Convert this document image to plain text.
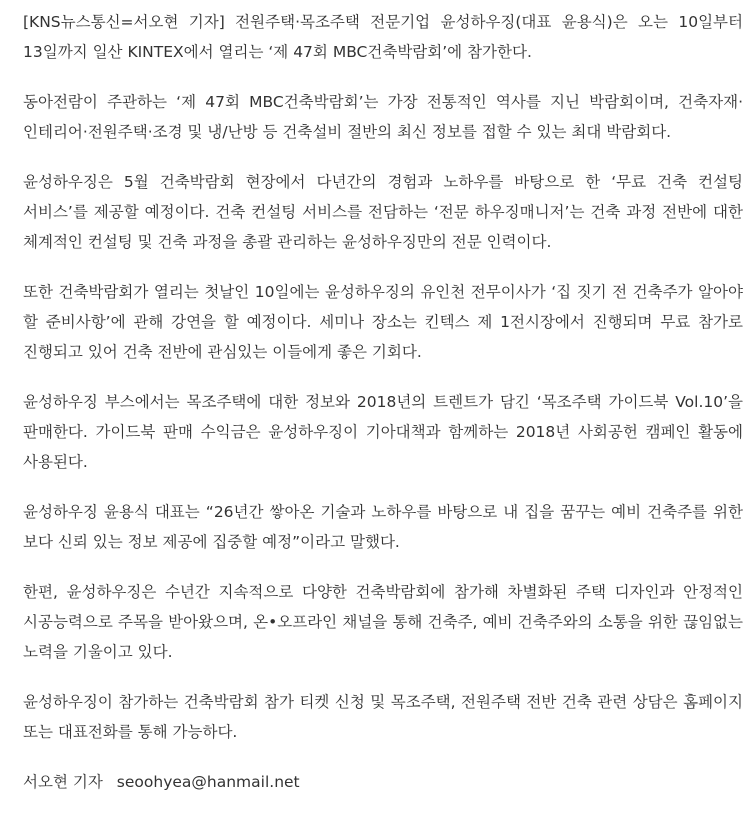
[KNS뉴스통신=서오현 기자] 전원주택·목조주택 전문기업 윤성하우징(대표 윤용식)은 오는 10일부터 13일까지 일산 KINTEX에서 열리는 ‘제 47회 MBC건축박람회’에 참가한다.

동아전람이 주관하는 ‘제 47회 MBC건축박람회’는 가장 전통적인 역사를 지닌 박람회이며, 건축자재·인테리어·전원주택·조경 및 냉/난방 등 건축설비 절반의 최신 정보를 접할 수 있는 최대 박람회다.

윤성하우징은 5월 건축박람회 현장에서 다년간의 경험과 노하우를 바탕으로 한 ‘무료 건축 컨설팅 서비스’를 제공할 예정이다. 건축 컨설팅 서비스를 전담하는 ‘전문 하우징매니저’는 건축 과정 전반에 대한 체계적인 컨설팅 및 건축 과정을 총괄 관리하는 윤성하우징만의 전문 인력이다.

또한 건축박람회가 열리는 첫날인 10일에는 윤성하우징의 유인천 전무이사가 ‘집 짓기 전 건축주가 알아야 할 준비사항’에 관해 강연을 할 예정이다. 세미나 장소는 킨텍스 제 1전시장에서 진행되며 무료 참가로 진행되고 있어 건축 전반에 관심있는 이들에게 좋은 기회다.

윤성하우징 부스에서는 목조주택에 대한 정보와 2018년의 트렌트가 담긴 ‘목조주택 가이드북 Vol.10’을 판매한다. 가이드북 판매 수익금은 윤성하우징이 기아대책과 함께하는 2018년 사회공헌 캠페인 활동에 사용된다.

윤성하우징 윤용식 대표는 “26년간 쌓아온 기술과 노하우를 바탕으로 내 집을 꿈꾸는 예비 건축주를 위한 보다 신뢰 있는 정보 제공에 집중할 예정”이라고 말했다.

한편, 윤성하우징은 수년간 지속적으로 다양한 건축박람회에 참가해 차별화된 주택 디자인과 안정적인 시공능력으로 주목을 받아왔으며, 온•오프라인 채널을 통해 건축주, 예비 건축주와의 소통을 위한 끊임없는 노력을 기울이고 있다.

윤성하우징이 참가하는 건축박람회 참가 티켓 신청 및 목조주택, 전원주택 전반 건축 관련 상담은 홈페이지 또는 대표전화를 통해 가능하다.

서오현 기자 seoohyea@hanmail.net
